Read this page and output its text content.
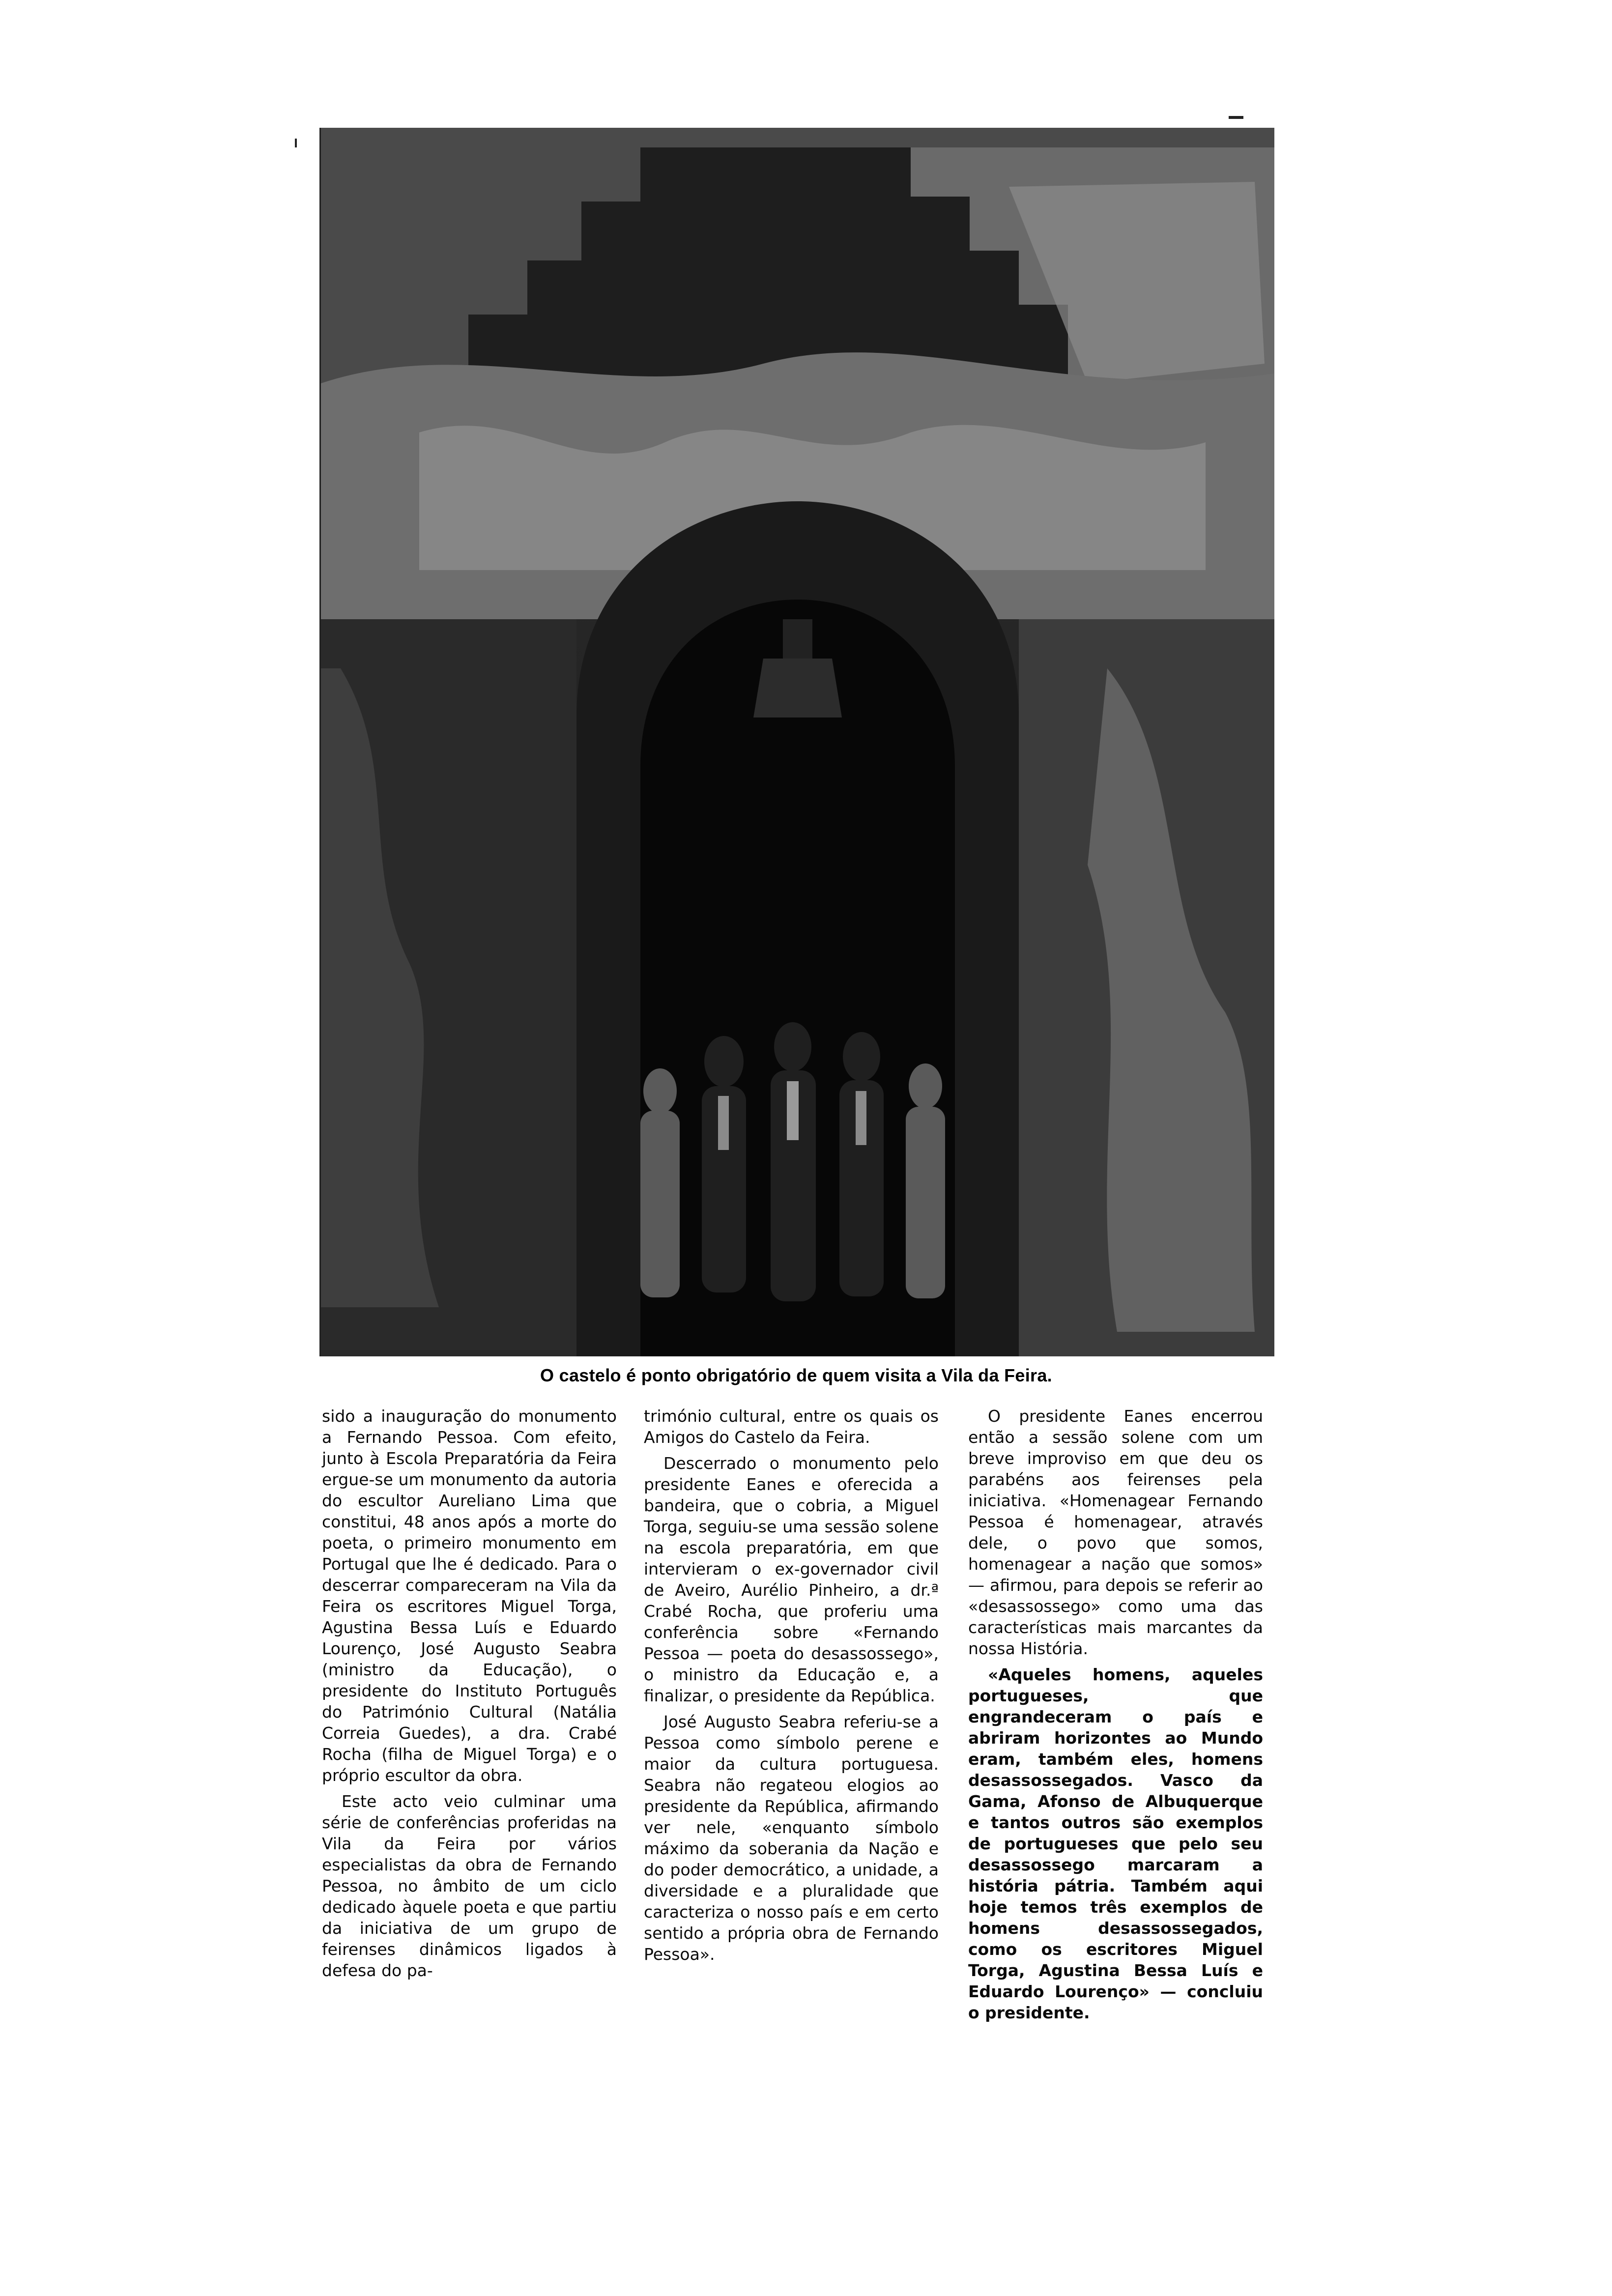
O castelo é ponto obrigatório de quem visita a Vila da Feira.

sido a inauguração do monumento a Fernando Pessoa. Com efeito, junto à Escola Preparatória da Feira ergue-se um monumento da autoria do escultor Aureliano Lima que constitui, 48 anos após a morte do poeta, o primeiro monumento em Portugal que lhe é dedicado. Para o descerrar compareceram na Vila da Feira os escritores Miguel Torga, Agustina Bessa Luís e Eduardo Lourenço, José Augusto Seabra (ministro da Educação), o presidente do Instituto Português do Património Cultural (Natália Correia Guedes), a dra. Crabé Rocha (filha de Miguel Torga) e o próprio escultor da obra.

Este acto veio culminar uma série de conferências proferidas na Vila da Feira por vários especialistas da obra de Fernando Pessoa, no âmbito de um ciclo dedicado àquele poeta e que partiu da iniciativa de um grupo de feirenses dinâmicos ligados à defesa do pa-

trimónio cultural, entre os quais os Amigos do Castelo da Feira.

Descerrado o monumento pelo presidente Eanes e oferecida a bandeira, que o cobria, a Miguel Torga, seguiu-se uma sessão solene na escola preparatória, em que intervieram o ex-governador civil de Aveiro, Aurélio Pinheiro, a dr.ª Crabé Rocha, que proferiu uma conferência sobre «Fernando Pessoa — poeta do desassossego», o ministro da Educação e, a finalizar, o presidente da República.

José Augusto Seabra referiu-se a Pessoa como símbolo perene e maior da cultura portuguesa. Seabra não regateou elogios ao presidente da República, afirmando ver nele, «enquanto símbolo máximo da soberania da Nação e do poder democrático, a unidade, a diversidade e a pluralidade que caracteriza o nosso país e em certo sentido a própria obra de Fernando Pessoa».

O presidente Eanes encerrou então a sessão solene com um breve improviso em que deu os parabéns aos feirenses pela iniciativa. «Homenagear Fernando Pessoa é homenagear, através dele, o povo que somos, homenagear a nação que somos» — afirmou, para depois se referir ao «desassossego» como uma das características mais marcantes da nossa História.

«Aqueles homens, aqueles portugueses, que engrandeceram o país e abriram horizontes ao Mundo eram, também eles, homens desassossegados. Vasco da Gama, Afonso de Albuquerque e tantos outros são exemplos de portugueses que pelo seu desassossego marcaram a história pátria. Também aqui hoje temos três exemplos de homens desassossegados, como os escritores Miguel Torga, Agustina Bessa Luís e Eduardo Lourenço» — concluiu o presidente.
